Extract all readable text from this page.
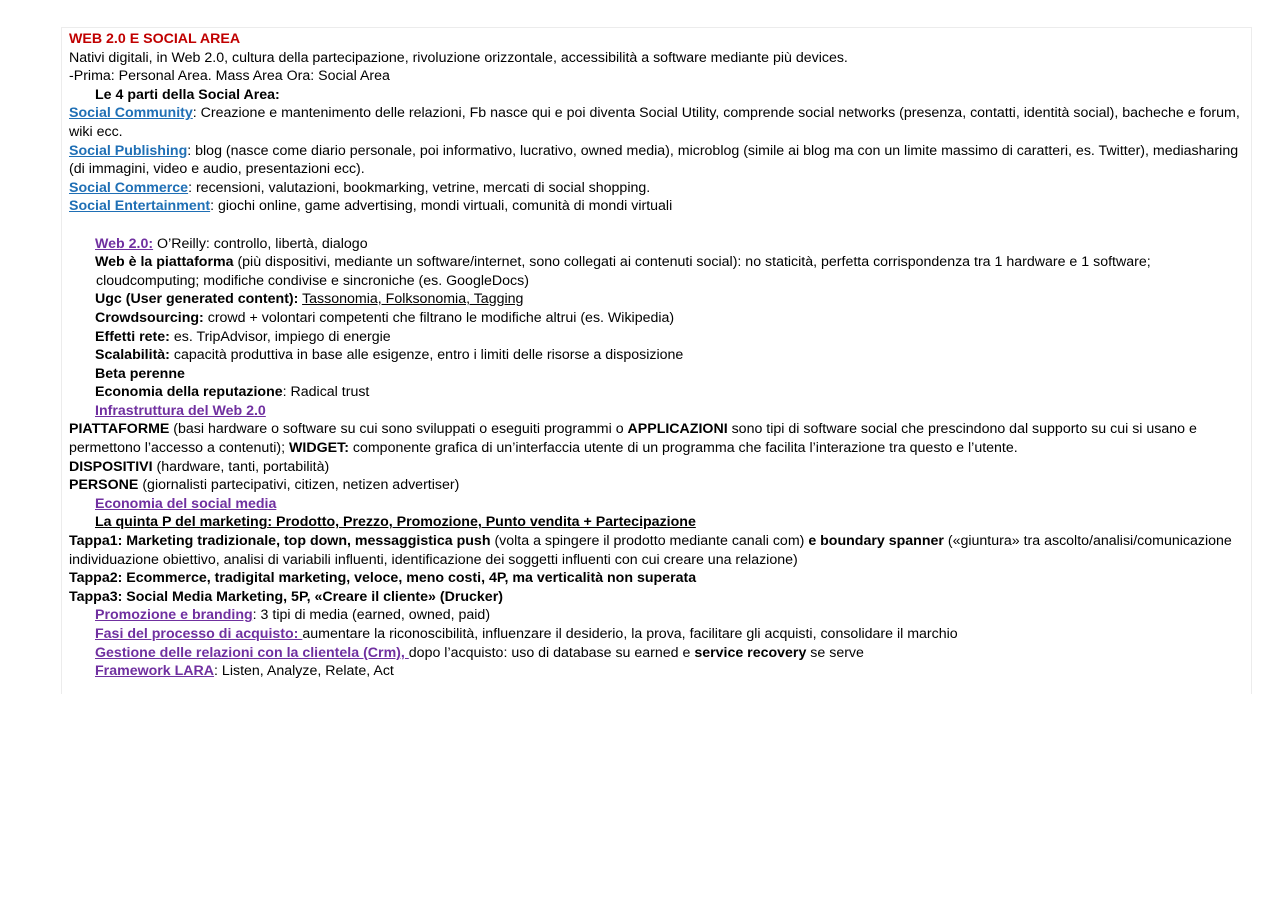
WEB 2.0 E SOCIAL AREA

Nativi digitali, in Web 2.0, cultura della partecipazione, rivoluzione orizzontale, accessibilità a software mediante più devices.

-Prima: Personal Area. Mass Area Ora: Social Area

Le 4 parti della Social Area:

Social Community: Creazione e mantenimento delle relazioni, Fb nasce qui e poi diventa Social Utility, comprende social networks (presenza, contatti, identità social), bacheche e forum, wiki ecc.

Social Publishing: blog (nasce come diario personale, poi informativo, lucrativo, owned media), microblog (simile ai blog ma con un limite massimo di caratteri, es. Twitter), mediasharing (di immagini, video e audio, presentazioni ecc).

Social Commerce: recensioni, valutazioni, bookmarking, vetrine, mercati di social shopping.

Social Entertainment: giochi online, game advertising, mondi virtuali, comunità di mondi virtuali

Web 2.0: O’Reilly: controllo, libertà, dialogo

Web è la piattaforma (più dispositivi, mediante un software/internet, sono collegati ai contenuti social): no staticità, perfetta corrispondenza tra 1 hardware e 1 software;

cloudcomputing; modifiche condivise e sincroniche (es. GoogleDocs)

Ugc (User generated content): Tassonomia, Folksonomia, Tagging

Crowdsourcing: crowd + volontari competenti che filtrano le modifiche altrui (es. Wikipedia)

Effetti rete: es. TripAdvisor, impiego di energie

Scalabilità: capacità produttiva in base alle esigenze, entro i limiti delle risorse a disposizione

Beta perenne

Economia della reputazione: Radical trust

Infrastruttura del Web 2.0

PIATTAFORME (basi hardware o software su cui sono sviluppati o eseguiti programmi o APPLICAZIONI sono tipi di software social che prescindono dal supporto su cui si usano e permettono l’accesso a contenuti); WIDGET: componente grafica di un’interfaccia utente di un programma che facilita l’interazione tra questo e l’utente.

DISPOSITIVI (hardware, tanti, portabilità)

PERSONE (giornalisti partecipativi, citizen, netizen advertiser)

Economia del social media

La quinta P del marketing: Prodotto, Prezzo, Promozione, Punto vendita + Partecipazione

Tappa1: Marketing tradizionale, top down, messaggistica push (volta a spingere il prodotto mediante canali com) e boundary spanner («giuntura» tra ascolto/analisi/comunicazione individuazione obiettivo, analisi di variabili influenti, identificazione dei soggetti influenti con cui creare una relazione)

Tappa2: Ecommerce, tradigital marketing, veloce, meno costi, 4P, ma verticalità non superata

Tappa3: Social Media Marketing, 5P, «Creare il cliente» (Drucker)

Promozione e branding: 3 tipi di media (earned, owned, paid)

Fasi del processo di acquisto: aumentare la riconoscibilità, influenzare il desiderio, la prova, facilitare gli acquisti, consolidare il marchio

Gestione delle relazioni con la clientela (Crm), dopo l’acquisto: uso di database su earned e service recovery se serve

Framework LARA: Listen, Analyze, Relate, Act
